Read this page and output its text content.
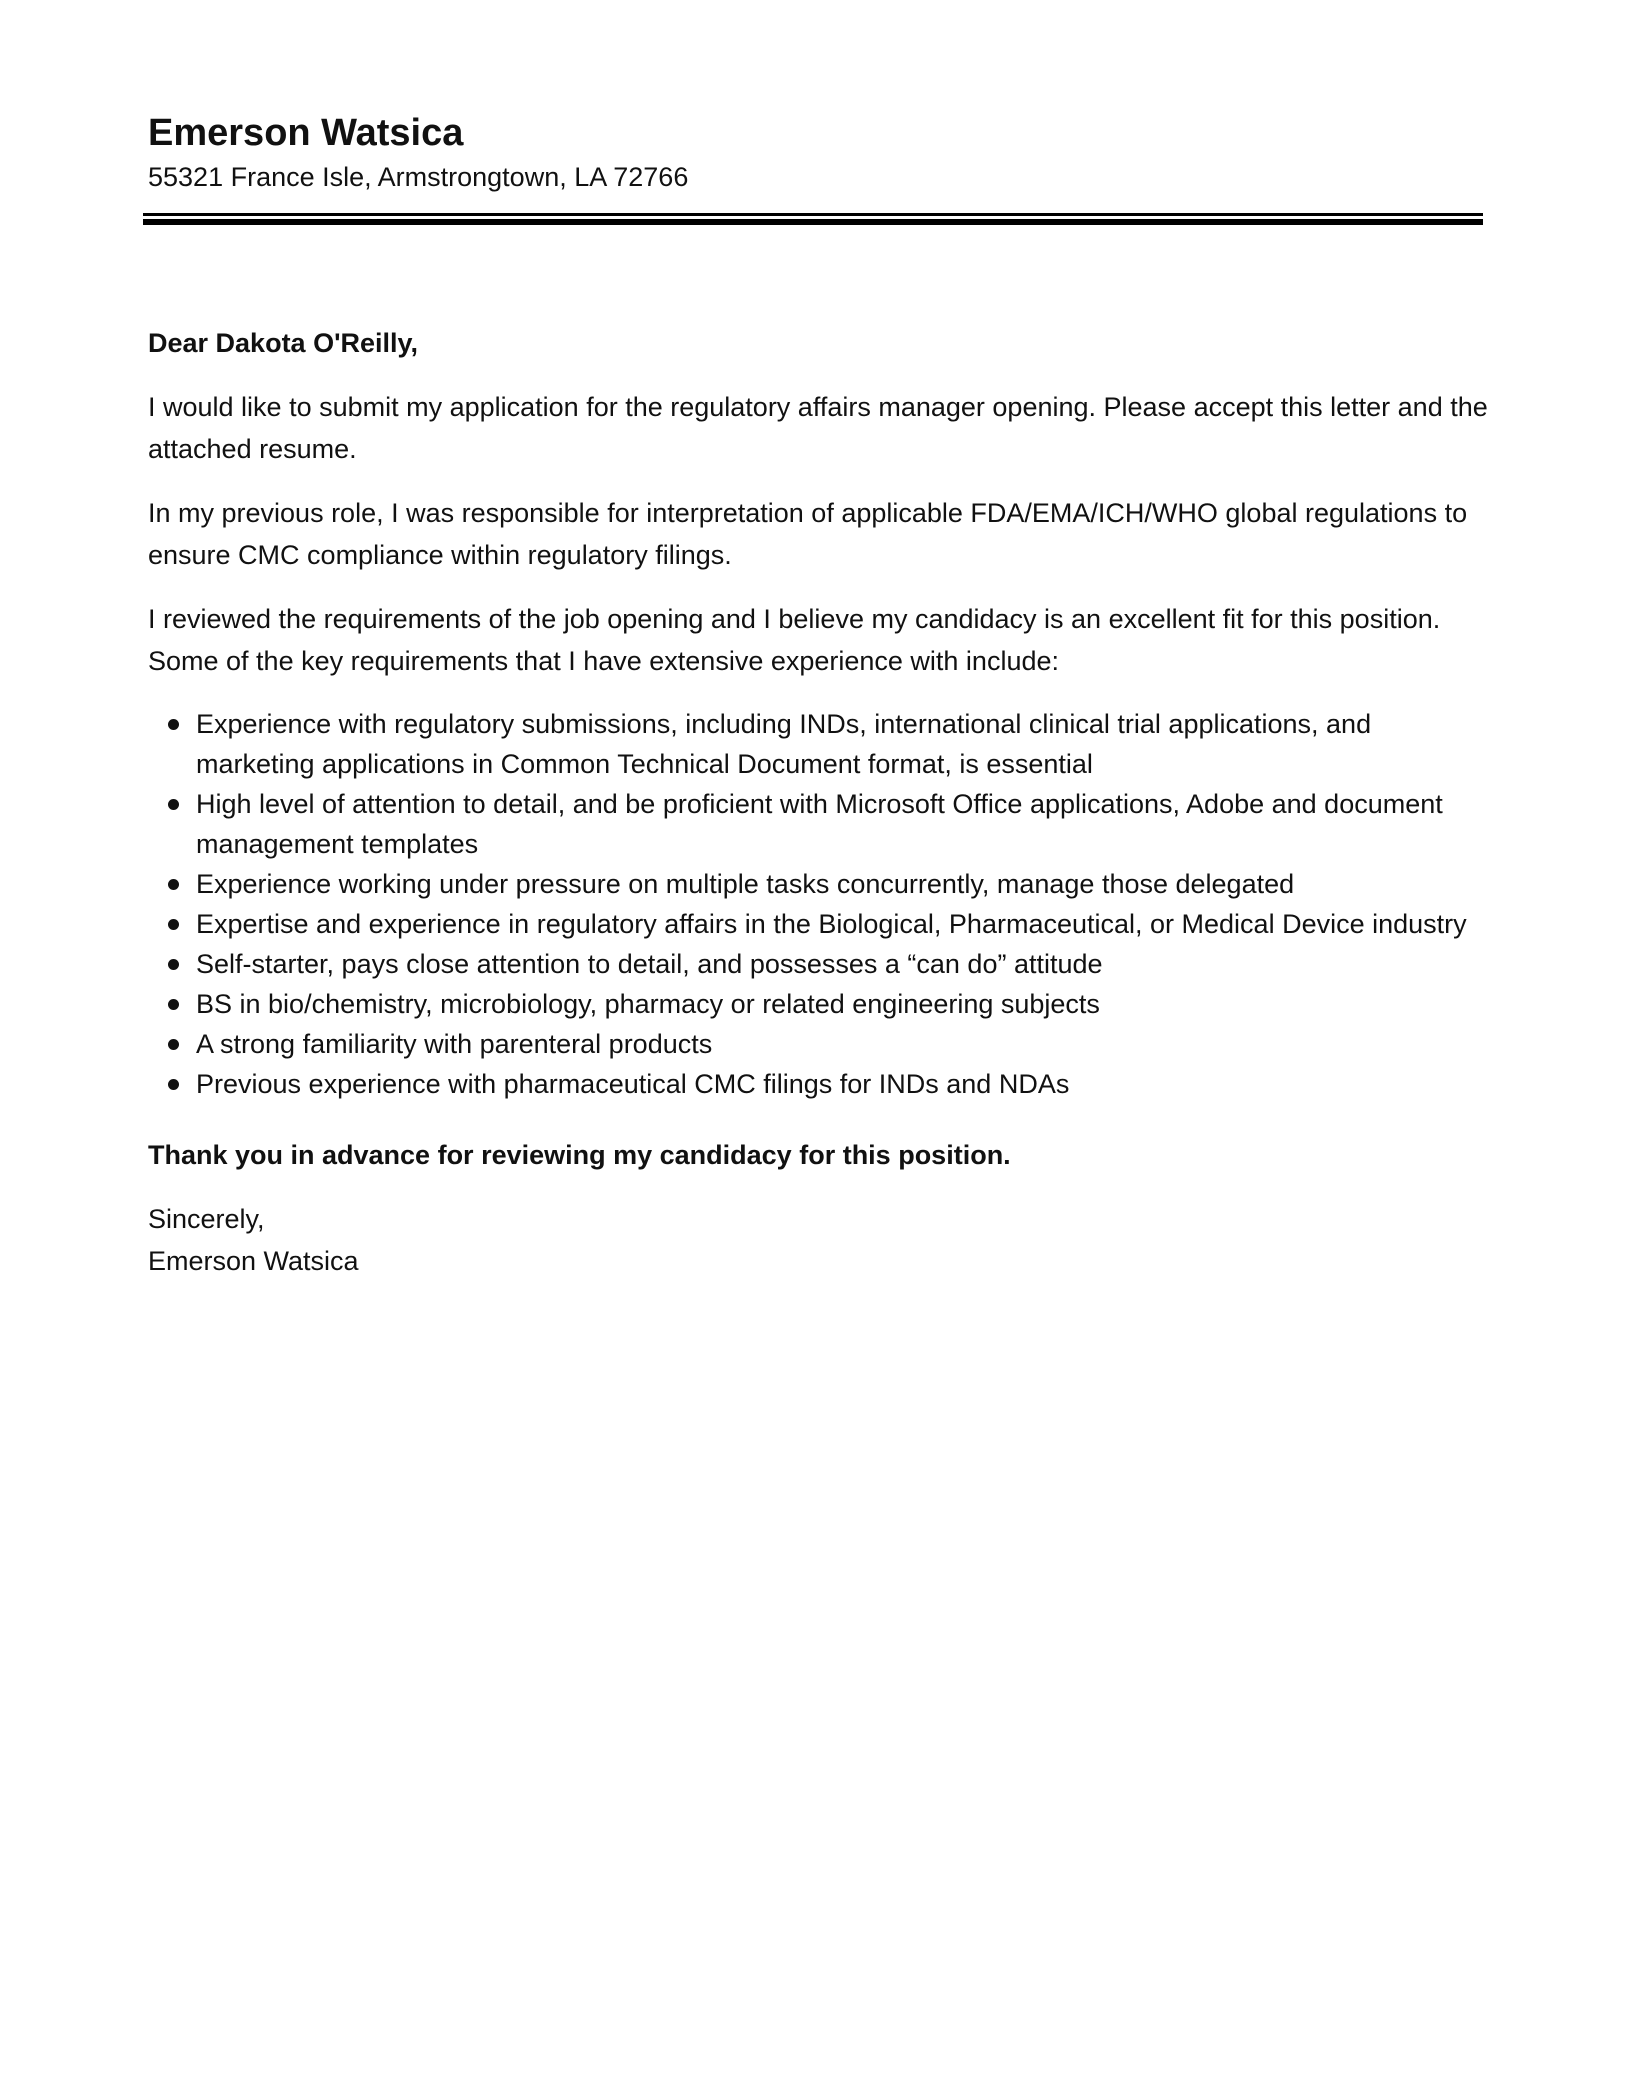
Emerson Watsica
55321 France Isle, Armstrongtown, LA 72766

Dear Dakota O'Reilly,

I would like to submit my application for the regulatory affairs manager opening. Please accept this letter and the attached resume.

In my previous role, I was responsible for interpretation of applicable FDA/EMA/ICH/WHO global regulations to ensure CMC compliance within regulatory filings.

I reviewed the requirements of the job opening and I believe my candidacy is an excellent fit for this position. Some of the key requirements that I have extensive experience with include:

Experience with regulatory submissions, including INDs, international clinical trial applications, and marketing applications in Common Technical Document format, is essential
High level of attention to detail, and be proficient with Microsoft Office applications, Adobe and document management templates
Experience working under pressure on multiple tasks concurrently, manage those delegated
Expertise and experience in regulatory affairs in the Biological, Pharmaceutical, or Medical Device industry
Self-starter, pays close attention to detail, and possesses a “can do” attitude
BS in bio/chemistry, microbiology, pharmacy or related engineering subjects
A strong familiarity with parenteral products
Previous experience with pharmaceutical CMC filings for INDs and NDAs

Thank you in advance for reviewing my candidacy for this position.

Sincerely,

Emerson Watsica
